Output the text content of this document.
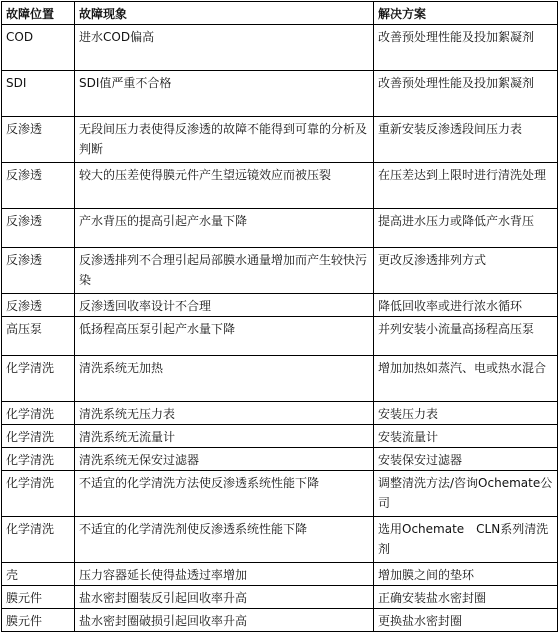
故障位置	故障现象	解决方案
COD	进水COD偏高	改善预处理性能及投加絮凝剂
SDI	SDI值严重不合格	改善预处理性能及投加絮凝剂
反渗透	无段间压力表使得反渗透的故障不能得到可靠的分析及判断	重新安装反渗透段间压力表
反渗透	较大的压差使得膜元件产生望远镜效应而被压裂	在压差达到上限时进行清洗处理
反渗透	产水背压的提高引起产水量下降	提高进水压力或降低产水背压
反渗透	反渗透排列不合理引起局部膜水通量增加而产生较快污染	更改反渗透排列方式
反渗透	反渗透回收率设计不合理	降低回收率或进行浓水循环
高压泵	低扬程高压泵引起产水量下降	并列安装小流量高扬程高压泵
化学清洗	清洗系统无加热	增加加热如蒸汽、电或热水混合
化学清洗	清洗系统无压力表	安装压力表
化学清洗	清洗系统无流量计	安装流量计
化学清洗	清洗系统无保安过滤器	安装保安过滤器
化学清洗	不适宜的化学清洗方法使反渗透系统性能下降	调整清洗方法/咨询Ochemate公司
化学清洗	不适宜的化学清洗剂使反渗透系统性能下降	选用Ochemate　CLN系列清洗剂
壳	压力容器延长使得盐透过率增加	增加膜之间的垫环
膜元件	盐水密封圈装反引起回收率升高	正确安装盐水密封圈
膜元件	盐水密封圈破损引起回收率升高	更换盐水密封圈
